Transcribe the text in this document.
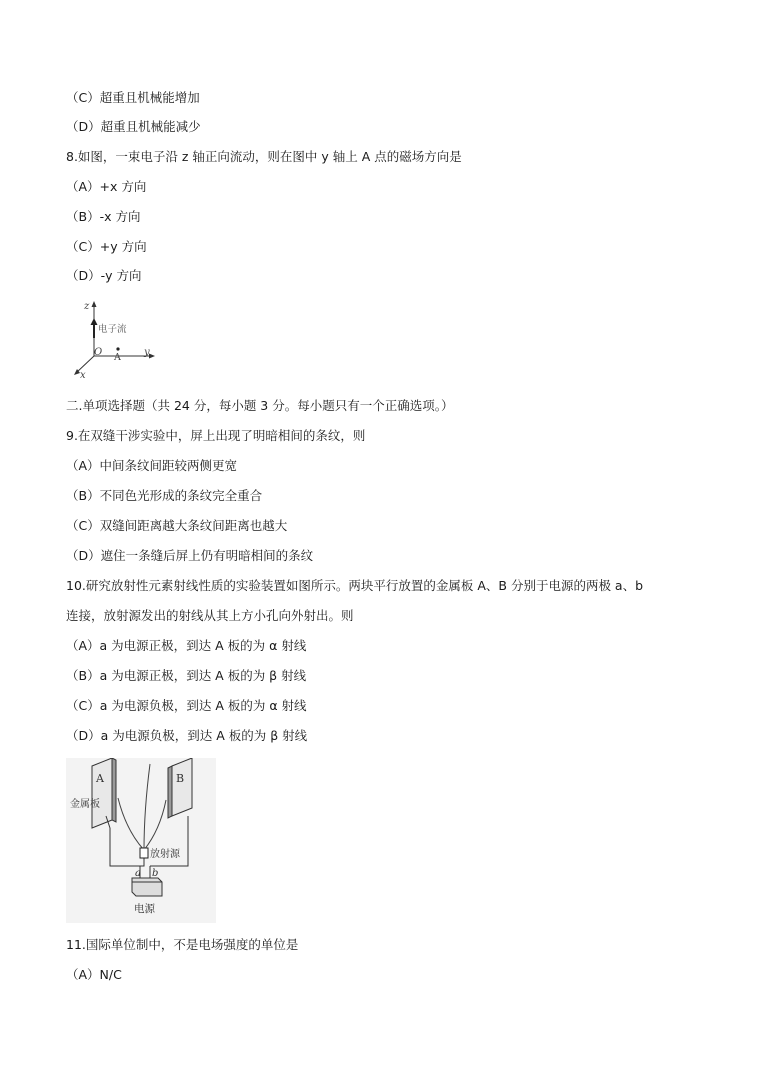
（C）超重且机械能增加
（D）超重且机械能减少
8.如图，一束电子沿 z 轴正向流动，则在图中 y 轴上 A 点的磁场方向是
（A）+x 方向
（B）-x 方向
（C）+y 方向
（D）-y 方向
z
电子流
O A y
x
二.单项选择题（共 24 分，每小题 3 分。每小题只有一个正确选项。）
9.在双缝干涉实验中，屏上出现了明暗相间的条纹，则
（A）中间条纹间距较两侧更宽
（B）不同色光形成的条纹完全重合
（C）双缝间距离越大条纹间距离也越大
（D）遮住一条缝后屏上仍有明暗相间的条纹
10.研究放射性元素射线性质的实验装置如图所示。两块平行放置的金属板 A、B 分别于电源的两极 a、b
连接，放射源发出的射线从其上方小孔向外射出。则
（A）a 为电源正极，到达 A 板的为 α 射线
（B）a 为电源正极，到达 A 板的为 β 射线
（C）a 为电源负极，到达 A 板的为 α 射线
（D）a 为电源负极，到达 A 板的为 β 射线
A	B
金属板
放射源
a b
电源
11.国际单位制中，不是电场强度的单位是
（A）N/C
